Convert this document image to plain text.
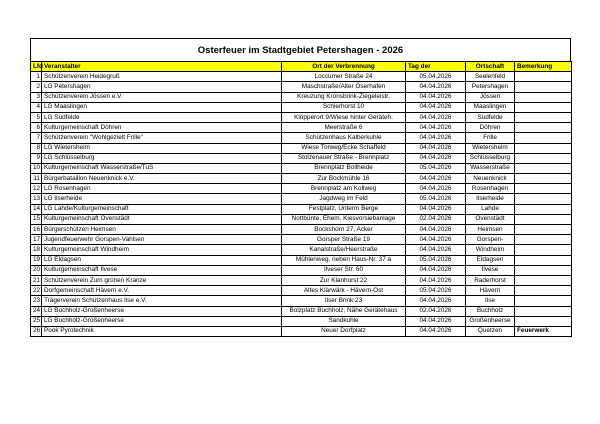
Osterfeuer im Stadtgebiet Petershagen - 2026
Lfd	Veranstalter	Ort der Verbrennung	Tag der	Ortschaft	Bemerkung
1	Schützenverein Heidegruß	Loccumer Straße 24	05.04.2026	Seelenfeld	
2	LG Petershagen	Maschstraße/Alter Öserhafen	04.04.2026	Petershagen	
3	Schützenverein Jössen e.V.	Kreuzung Kronsbrink-Ziegeleistr.	04.04.2026	Jössen	
4	LG Maaslingen	Schierhorst 10	04.04.2026	Maaslingen	
5	LG Südfelde	Klöpperort 9/Wiese hinter Geräteh.	04.04.2026	Südfelde	
6	Kulturgemeinschaft Döhren	Meerstraße 6	04.04.2026	Döhren	
7	Schützenverein "Wohlgezielt Frille"	Schützenhaus Kalberkuhle	04.04.2026	Frille	
8	LG Wietersheim	Wiese Torweg/Ecke Schaffeld	04.04.2026	Wietersheim	
9	LG Schlüsselburg	Stolzenauer Straße - Brennplatz	04.04.2026	Schlüsselburg	
10	Kulturgemeinschaft Wasserstraße/TuS	Brennplatz Bollheide	05.04.2026	Wasserstraße	
11	Bürgerbataillon Neuenknick e.V.	Zur Bockmühle 16	04.04.2026	Neuenknick	
12	LG Rosenhagen	Brennplatz am Kollweg	04.04.2026	Rosenhagen	
13	LG Ilserheide	Jagdweg im Feld	05.04.2026	Ilserheide	
14	LG Lahde/Kulturgemeinschaft	Festplatz, Unterm Berge	04.04.2026	Lahde	
15	Kulturgemeinschaft Ovenstädt	Nottbünte, Ehem. Kiesvorsiebanlage	02.04.2026	Ovenstädt	
16	Bürgerschützen Heimsen	Bockshorn 27, Acker	04.04.2026	Heimsen	
17	Jugendfeuerwehr Gorspen-Vahlsen	Gorsper Straße 19	04.04.2026	Gorspen-	
18	Kulturgemeinschaft Windheim	Kanalstraße/Heerstraße	04.04.2026	Windheim	
19	LG Eldagsen	Mühlenweg, neben Haus-Nr. 37 a	05.04.2026	Eldagsen	
20	Kulturgemeinschaft Ilvese	Ilveser Str. 60	04.04.2026	Ilvese	
21	Schützenverein Zum grünen Kranze	Zur Klanhorst 22	04.04.2026	Raderhorst	
22	Dorfgemeinschaft Hävern e.V.	Altes Klärwärk - Hävern-Ost	05.04.2026	Hävern	
23	Trägerverein Schützenhaus Ilse e.V.	Ilser Brink 23	04.04.2026	Ilse	
24	LG Buchholz-Großenheerse	Bolzplatz Buchholz, Nähe Gerätehaus	02.04.2026	Buchholz	
25	LG Buchholz-Großenheerse	Sandkuhle	04.04.2026	Großenheerse	
26	Pook Pyrotechnik	Neuer Dorfplatz	04.04.2026	Quetzen	Feuerwerk
